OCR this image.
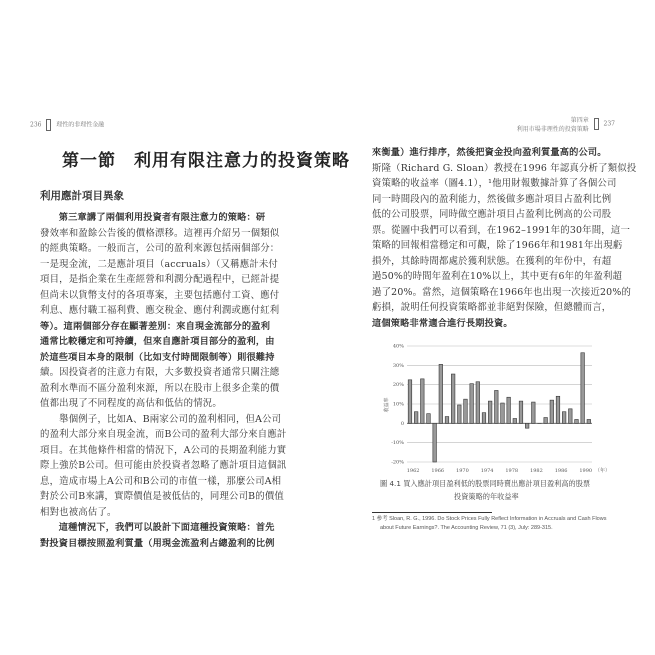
236 理性的非理性金融
第四章
利用市場非理性的投資策略
237
第一節　利用有限注意力的投資策略
利用應計項目異象
　　第三章講了兩個利用投資者有限注意力的策略：研
發效率和盈餘公告後的價格漂移。這裡再介紹另一個類似
的經典策略。一般而言，公司的盈利來源包括兩個部分：
一是現金流，二是應計項目（accruals）（又稱應計未付
項目，是指企業在生產經營和利潤分配過程中，已經計提
但尚未以貨幣支付的各項專案，主要包括應付工資、應付
利息、應付職工福利費、應交稅金、應付利潤或應付紅利
等）。這兩個部分存在顯著差別：來自現金流部分的盈利
通常比較穩定和可持續，但來自應計項目部分的盈利，由
於這些項目本身的限制（比如支付時間限制等）則很難持
續。因投資者的注意力有限，大多數投資者通常只關注總
盈利水準而不區分盈利來源，所以在股市上很多企業的價
值都出現了不同程度的高估和低估的情況。
　　舉個例子，比如A、B兩家公司的盈利相同，但A公司
的盈利大部分來自現金流，而B公司的盈利大部分來自應計
項目。在其他條件相當的情況下，A公司的長期盈利能力實
際上強於B公司。但可能由於投資者忽略了應計項目這個訊
息，造成市場上A公司和B公司的市值一樣，那麼公司A相
對於公司B來講，實際價值是被低估的，同理公司B的價值
相對也被高估了。
　　這種情況下，我們可以設計下面這種投資策略：首先
對投資目標按照盈利質量（用現金流盈利占總盈利的比例
來衡量）進行排序，然後把資金投向盈利質量高的公司。
斯隆（Richard G. Sloan）教授在1996 年認真分析了類似投
資策略的收益率（圖4.1），¹他用財報數據計算了各個公司
同一時間段內的盈利能力，然後做多應計項目占盈利比例
低的公司股票，同時做空應計項目占盈利比例高的公司股
票。從圖中我們可以看到，在1962–1991年的30年間，這一
策略的回報相當穩定和可觀，除了1966年和1981年出現虧
損外，其餘時間都處於獲利狀態。在獲利的年份中，有超
過50%的時間年盈利在10%以上，其中更有6年的年盈利超
過了20%。當然，這個策略在1966年也出現一次接近20%的
虧損，說明任何投資策略都並非絕對保險，但總體而言，
這個策略非常適合進行長期投資。
-20%
-10%
0
10%
20%
30%
40%
收益率
1962 1966 1970 1974 1978 1982 1986 1990 （年）
圖 4.1 買入應計項目盈利低的股票同時賣出應計項目盈利高的股票
投資策略的年收益率
1 參考 Sloan, R. G., 1996. Do Stock Prices Fully Reflect Information in Accruals and Cash Flows
about Future Earnings?. The Accounting Review, 71 (3), July: 289-315.
